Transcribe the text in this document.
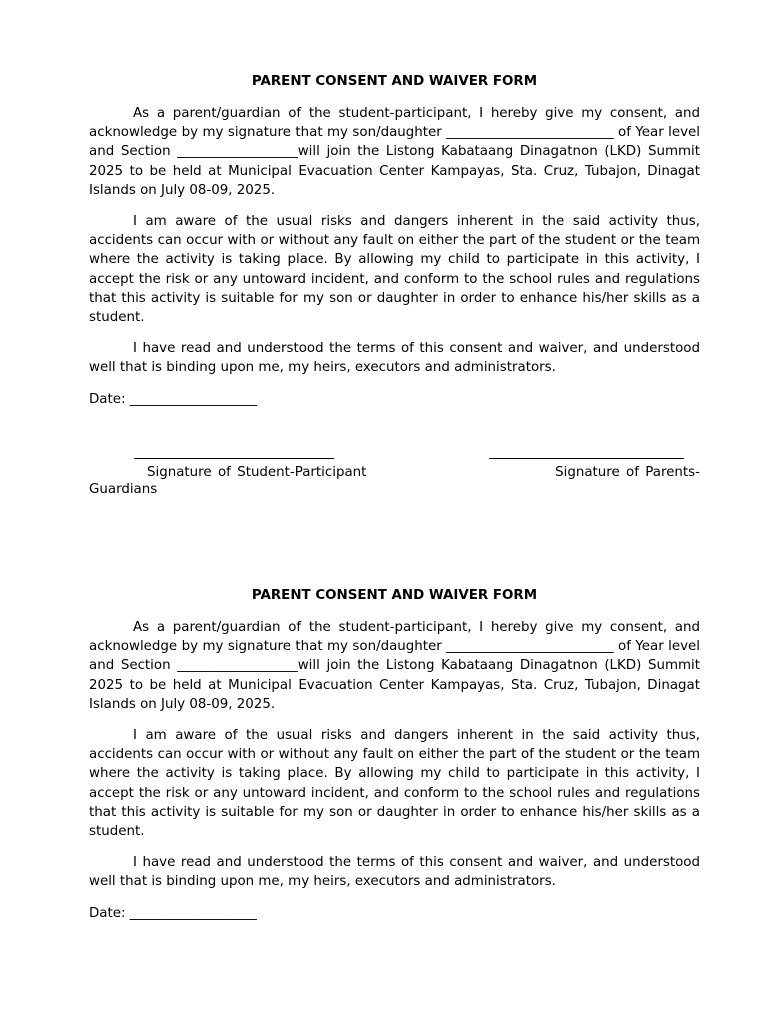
PARENT CONSENT AND WAIVER FORM

As a parent/guardian of the student-participant, I hereby give my consent, and acknowledge by my signature that my son/daughter _________________________ of Year level and Section __________________will join the Listong Kabataang Dinagatnon (LKD) Summit 2025 to be held at Municipal Evacuation Center Kampayas, Sta. Cruz, Tubajon, Dinagat Islands on July 08-09, 2025.

I am aware of the usual risks and dangers inherent in the said activity thus, accidents can occur with or without any fault on either the part of the student or the team where the activity is taking place. By allowing my child to participate in this activity, I accept the risk or any untoward incident, and conform to the school rules and regulations that this activity is suitable for my son or daughter in order to enhance his/her skills as a student.

I have read and understood the terms of this consent and waiver, and understood well that is binding upon me, my heirs, executors and administrators.

Date: ___________________

Signature of Student-Participant	Signature of Parents-Guardians

PARENT CONSENT AND WAIVER FORM

As a parent/guardian of the student-participant, I hereby give my consent, and acknowledge by my signature that my son/daughter _________________________ of Year level and Section __________________will join the Listong Kabataang Dinagatnon (LKD) Summit 2025 to be held at Municipal Evacuation Center Kampayas, Sta. Cruz, Tubajon, Dinagat Islands on July 08-09, 2025.

I am aware of the usual risks and dangers inherent in the said activity thus, accidents can occur with or without any fault on either the part of the student or the team where the activity is taking place. By allowing my child to participate in this activity, I accept the risk or any untoward incident, and conform to the school rules and regulations that this activity is suitable for my son or daughter in order to enhance his/her skills as a student.

I have read and understood the terms of this consent and waiver, and understood well that is binding upon me, my heirs, executors and administrators.

Date: ___________________
